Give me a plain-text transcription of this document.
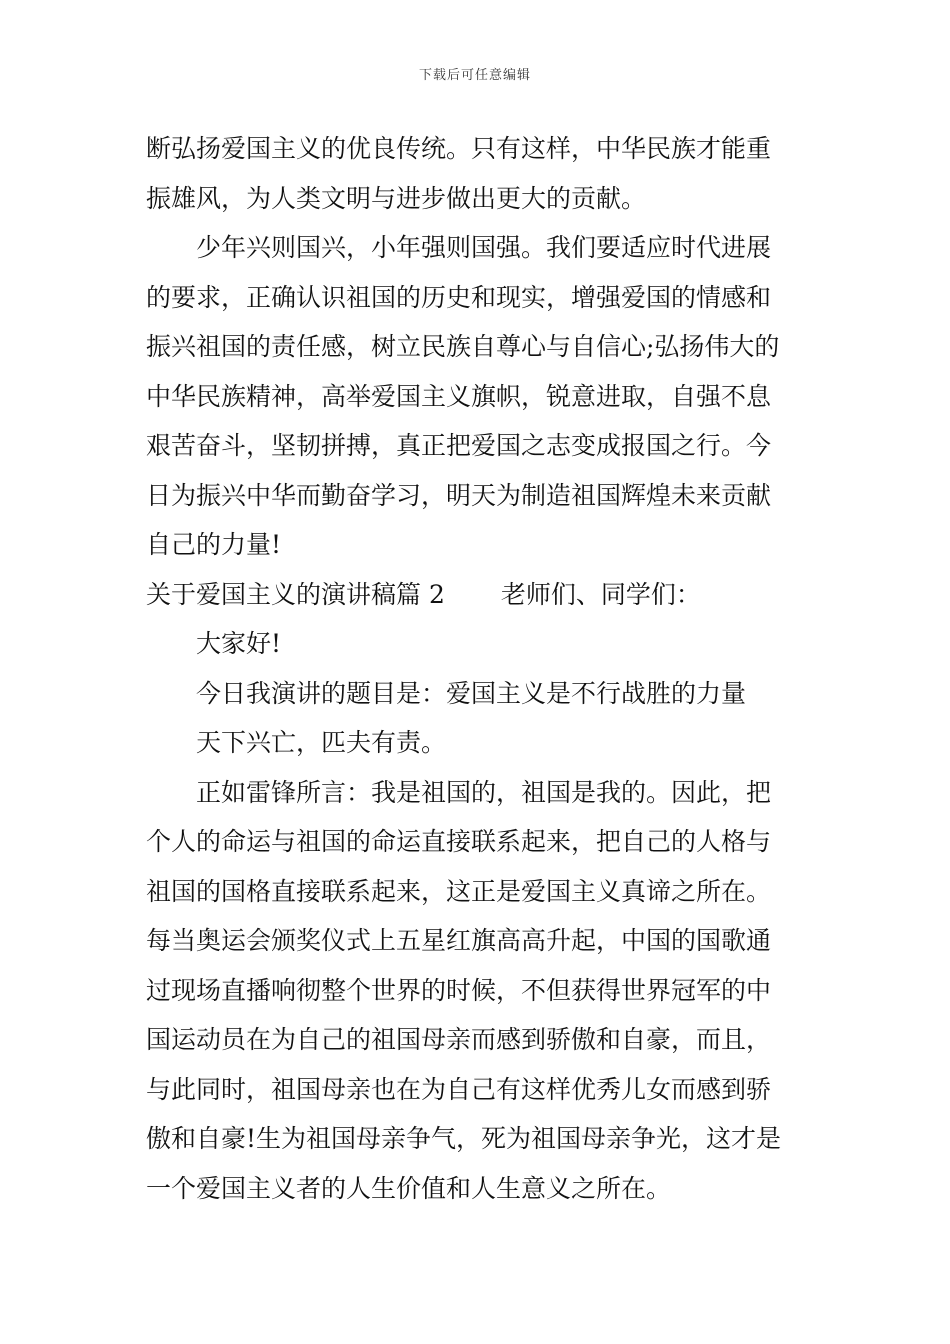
下载后可任意编辑
断弘扬爱国主义的优良传统。只有这样，中华民族才能重
振雄风，为人类文明与进步做出更大的贡献。
少年兴则国兴，小年强则国强。我们要适应时代进展
的要求，正确认识祖国的历史和现实，增强爱国的情感和
振兴祖国的责任感，树立民族自尊心与自信心;弘扬伟大的
中华民族精神，高举爱国主义旗帜，锐意进取，自强不息
艰苦奋斗，坚韧拼搏，真正把爱国之志变成报国之行。今
日为振兴中华而勤奋学习，明天为制造祖国辉煌未来贡献
自己的力量!
关于爱国主义的演讲稿篇 2 老师们、同学们：
大家好!
今日我演讲的题目是：爱国主义是不行战胜的力量
天下兴亡，匹夫有责。
正如雷锋所言：我是祖国的，祖国是我的。因此，把
个人的命运与祖国的命运直接联系起来，把自己的人格与
祖国的国格直接联系起来，这正是爱国主义真谛之所在。
每当奥运会颁奖仪式上五星红旗高高升起，中国的国歌通
过现场直播响彻整个世界的时候，不但获得世界冠军的中
国运动员在为自己的祖国母亲而感到骄傲和自豪，而且，
与此同时，祖国母亲也在为自己有这样优秀儿女而感到骄
傲和自豪!生为祖国母亲争气，死为祖国母亲争光，这才是
一个爱国主义者的人生价值和人生意义之所在。
